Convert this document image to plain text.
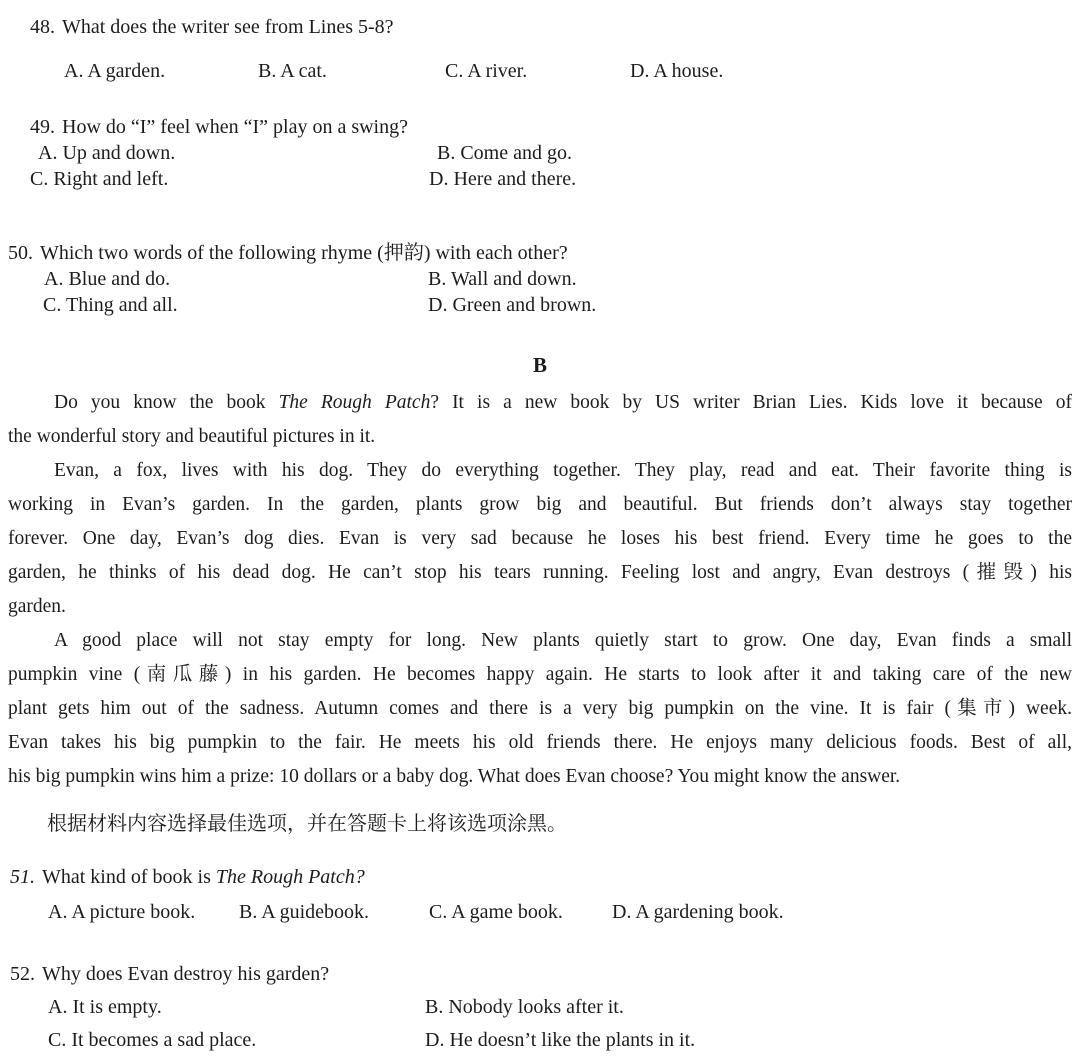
48. What does the writer see from Lines 5-8?
A. A garden.	B. A cat.	C. A river.	D. A house.
49. How do “I” feel when “I” play on a swing?
A. Up and down.	B. Come and go.
C. Right and left.	D. Here and there.
50. Which two words of the following rhyme (押韵) with each other?
A. Blue and do.	B. Wall and down.
C. Thing and all.	D. Green and brown.
B
Do you know the book The Rough Patch? It is a new book by US writer Brian Lies. Kids love it because of
the wonderful story and beautiful pictures in it.
Evan, a fox, lives with his dog. They do everything together. They play, read and eat. Their favorite thing is
working in Evan’s garden. In the garden, plants grow big and beautiful. But friends don’t always stay together
forever. One day, Evan’s dog dies. Evan is very sad because he loses his best friend. Every time he goes to the
garden, he thinks of his dead dog. He can’t stop his tears running. Feeling lost and angry, Evan destroys (摧毁) his
garden.
A good place will not stay empty for long. New plants quietly start to grow. One day, Evan finds a small
pumpkin vine (南瓜藤) in his garden. He becomes happy again. He starts to look after it and taking care of the new
plant gets him out of the sadness. Autumn comes and there is a very big pumpkin on the vine. It is fair (集市) week.
Evan takes his big pumpkin to the fair. He meets his old friends there. He enjoys many delicious foods. Best of all,
his big pumpkin wins him a prize: 10 dollars or a baby dog. What does Evan choose? You might know the answer.
根据材料内容选择最佳选项，并在答题卡上将该选项涂黑。
51. What kind of book is The Rough Patch?
A. A picture book. B. A guidebook.	C. A game book. D. A gardening book.
52. Why does Evan destroy his garden?
A. It is empty.	B. Nobody looks after it.
C. It becomes a sad place.	D. He doesn’t like the plants in it.
